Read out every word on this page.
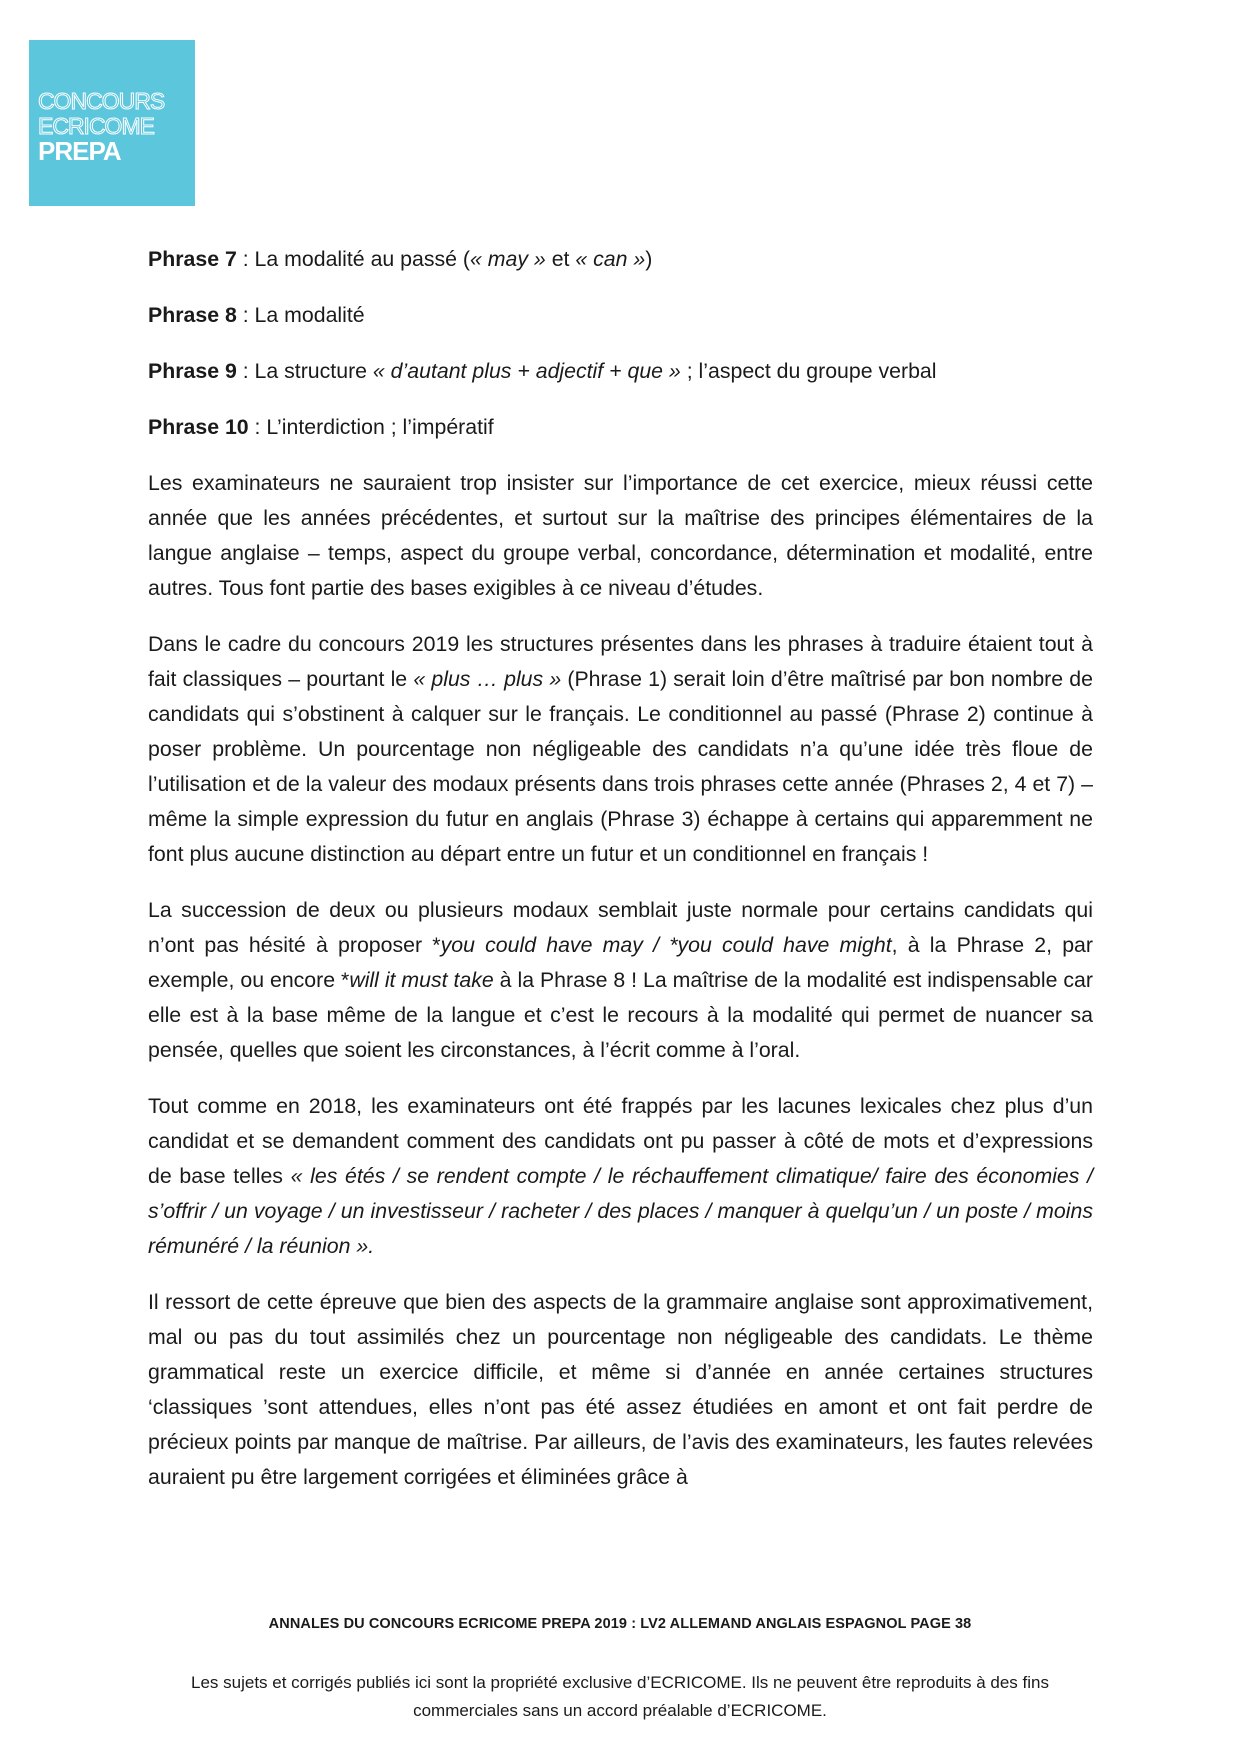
CONCOURS
ECRICOME
PREPA

Phrase 7 : La modalité au passé (« may » et « can »)

Phrase 8 : La modalité

Phrase 9 : La structure « d’autant plus + adjectif + que » ; l’aspect du groupe verbal

Phrase 10 : L’interdiction ; l’impératif

Les examinateurs ne sauraient trop insister sur l’importance de cet exercice, mieux réussi cette année que les années précédentes, et surtout sur la maîtrise des principes élémentaires de la langue anglaise – temps, aspect du groupe verbal, concordance, détermination et modalité, entre autres. Tous font partie des bases exigibles à ce niveau d’études.

Dans le cadre du concours 2019 les structures présentes dans les phrases à traduire étaient tout à fait classiques – pourtant le « plus … plus » (Phrase 1) serait loin d’être maîtrisé par bon nombre de candidats qui s’obstinent à calquer sur le français. Le conditionnel au passé (Phrase 2) continue à poser problème. Un pourcentage non négligeable des candidats n’a qu’une idée très floue de l’utilisation et de la valeur des modaux présents dans trois phrases cette année (Phrases 2, 4 et 7) – même la simple expression du futur en anglais (Phrase 3) échappe à certains qui apparemment ne font plus aucune distinction au départ entre un futur et un conditionnel en français !

La succession de deux ou plusieurs modaux semblait juste normale pour certains candidats qui n’ont pas hésité à proposer *you could have may / *you could have might, à la Phrase 2, par exemple, ou encore *will it must take à la Phrase 8 ! La maîtrise de la modalité est indispensable car elle est à la base même de la langue et c’est le recours à la modalité qui permet de nuancer sa pensée, quelles que soient les circonstances, à l’écrit comme à l’oral.

Tout comme en 2018, les examinateurs ont été frappés par les lacunes lexicales chez plus d’un candidat et se demandent comment des candidats ont pu passer à côté de mots et d’expressions de base telles « les étés / se rendent compte / le réchauffement climatique/ faire des économies / s’offrir / un voyage / un investisseur / racheter / des places / manquer à quelqu’un / un poste / moins rémunéré / la réunion ».

Il ressort de cette épreuve que bien des aspects de la grammaire anglaise sont approximativement, mal ou pas du tout assimilés chez un pourcentage non négligeable des candidats. Le thème grammatical reste un exercice difficile, et même si d’année en année certaines structures ‘classiques ’sont attendues, elles n’ont pas été assez étudiées en amont et ont fait perdre de précieux points par manque de maîtrise. Par ailleurs, de l’avis des examinateurs, les fautes relevées auraient pu être largement corrigées et éliminées grâce à

ANNALES DU CONCOURS ECRICOME PREPA 2019 : LV2 ALLEMAND ANGLAIS ESPAGNOL PAGE 38
Les sujets et corrigés publiés ici sont la propriété exclusive d’ECRICOME. Ils ne peuvent être reproduits à des fins commerciales sans un accord préalable d’ECRICOME.
